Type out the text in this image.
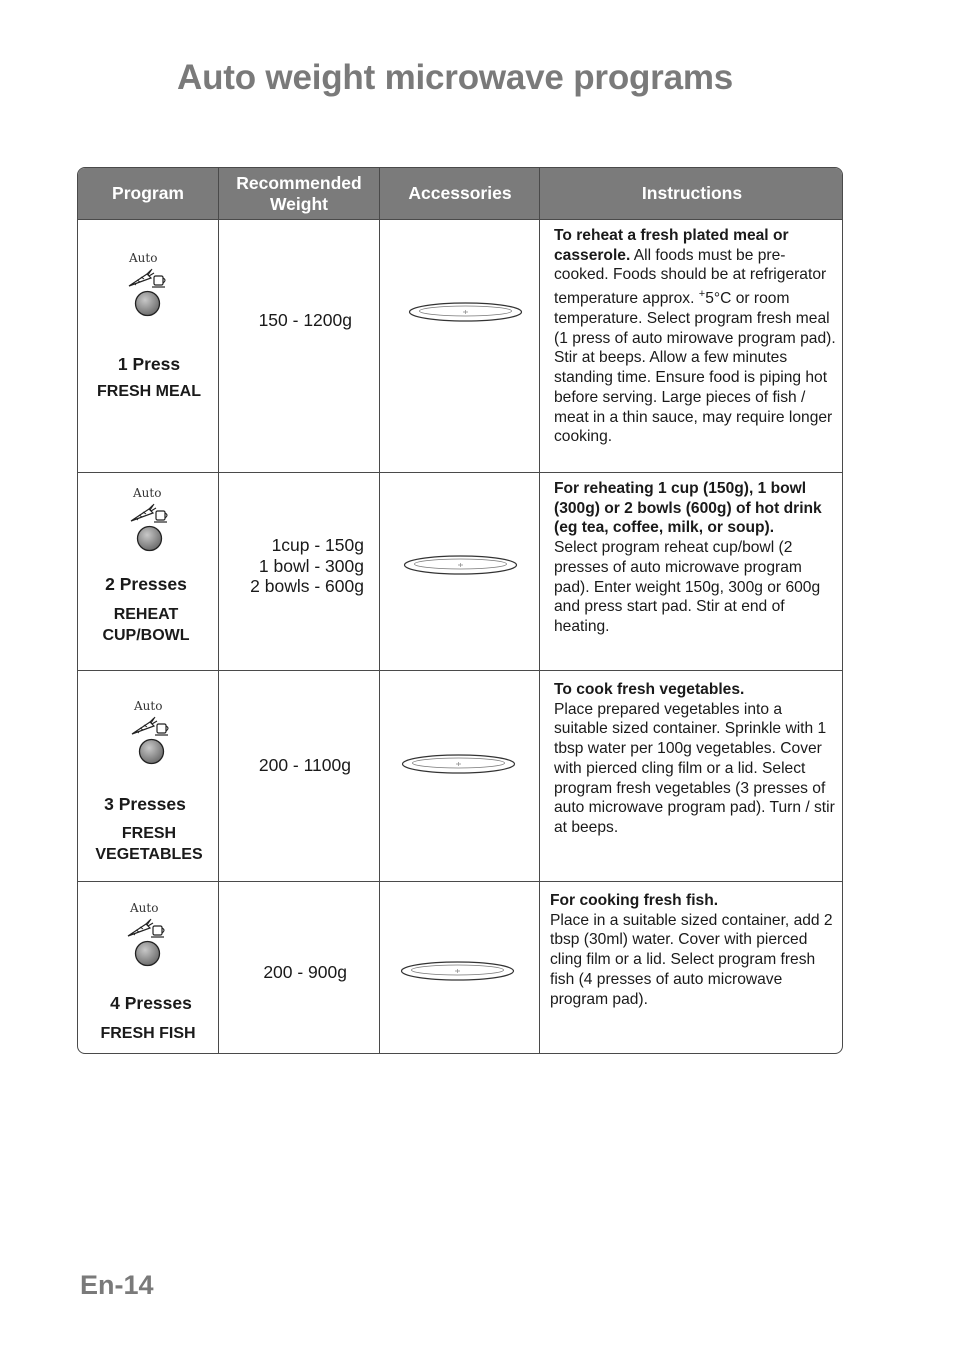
Auto weight microwave programs
Program
Recommended
Weight
Accessories	Instructions
Auto
1 Press
FRESH MEAL
150 - 1200g
To reheat a fresh plated meal or casserole. All foods must be pre-cooked. Foods should be at refrigerator temperature approx. +5°C or room temperature. Select program fresh meal (1 press of auto mirowave program pad). Stir at beeps. Allow a few minutes standing time. Ensure food is piping hot before serving. Large pieces of fish / meat in a thin sauce, may require longer cooking.
Auto
2 Presses
REHEAT
CUP/BOWL
1cup - 150g
1 bowl - 300g
2 bowls - 600g
For reheating 1 cup (150g), 1 bowl (300g) or 2 bowls (600g) of hot drink (eg tea, coffee, milk, or soup).
Select program reheat cup/bowl (2 presses of auto microwave program pad). Enter weight 150g, 300g or 600g and press start pad. Stir at end of heating.
Auto
3 Presses
FRESH
VEGETABLES
200 - 1100g
To cook fresh vegetables.
Place prepared vegetables into a suitable sized container. Sprinkle with 1 tbsp water per 100g vegetables. Cover with pierced cling film or a lid. Select program fresh vegetables (3 presses of auto microwave program pad). Turn / stir at beeps.
Auto
4 Presses
FRESH FISH
200 - 900g
For cooking fresh fish.
Place in a suitable sized container, add 2 tbsp (30ml) water. Cover with pierced cling film or a lid. Select program fresh fish (4 presses of auto microwave program pad).
En-14
